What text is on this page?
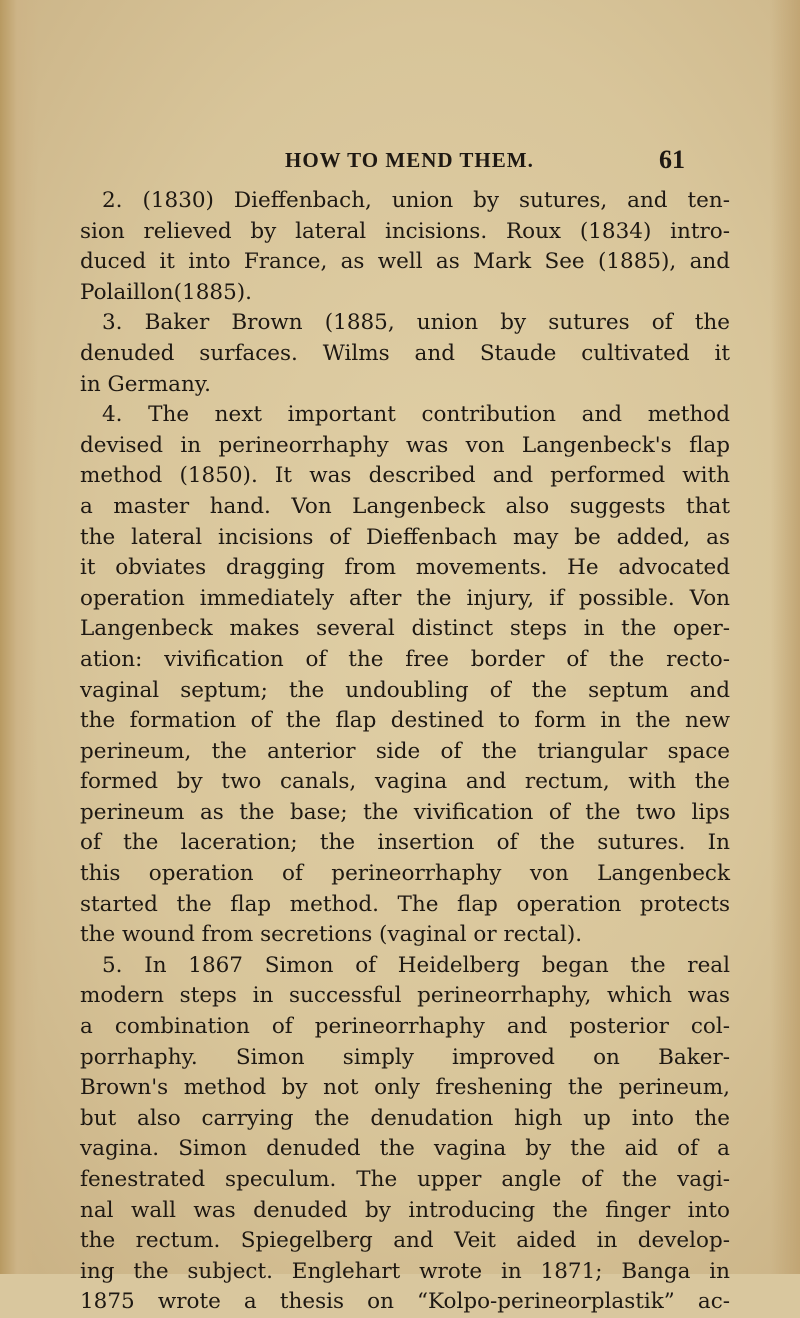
HOW TO MEND THEM.	61
2. (1830) Dieffenbach, union by sutures, and ten-
sion relieved by lateral incisions. Roux (1834) intro-
duced it into France, as well as Mark See (1885), and
Polaillon(1885).
3. Baker Brown (1885, union by sutures of the
denuded surfaces. Wilms and Staude cultivated it
in Germany.
4. The next important contribution and method
devised in perineorrhaphy was von Langenbeck's flap
method (1850). It was described and performed with
a master hand. Von Langenbeck also suggests that
the lateral incisions of Dieffenbach may be added, as
it obviates dragging from movements. He advocated
operation immediately after the injury, if possible. Von
Langenbeck makes several distinct steps in the oper-
ation: vivification of the free border of the recto-
vaginal septum; the undoubling of the septum and
the formation of the flap destined to form in the new
perineum, the anterior side of the triangular space
formed by two canals, vagina and rectum, with the
perineum as the base; the vivification of the two lips
of the laceration; the insertion of the sutures. In
this operation of perineorrhaphy von Langenbeck
started the flap method. The flap operation protects
the wound from secretions (vaginal or rectal).
5. In 1867 Simon of Heidelberg began the real
modern steps in successful perineorrhaphy, which was
a combination of perineorrhaphy and posterior col-
porrhaphy. Simon simply improved on Baker-
Brown's method by not only freshening the perineum,
but also carrying the denudation high up into the
vagina. Simon denuded the vagina by the aid of a
fenestrated speculum. The upper angle of the vagi-
nal wall was denuded by introducing the finger into
the rectum. Spiegelberg and Veit aided in develop-
ing the subject. Englehart wrote in 1871; Banga in
1875 wrote a thesis on “Kolpo-perineorplastik” ac-
